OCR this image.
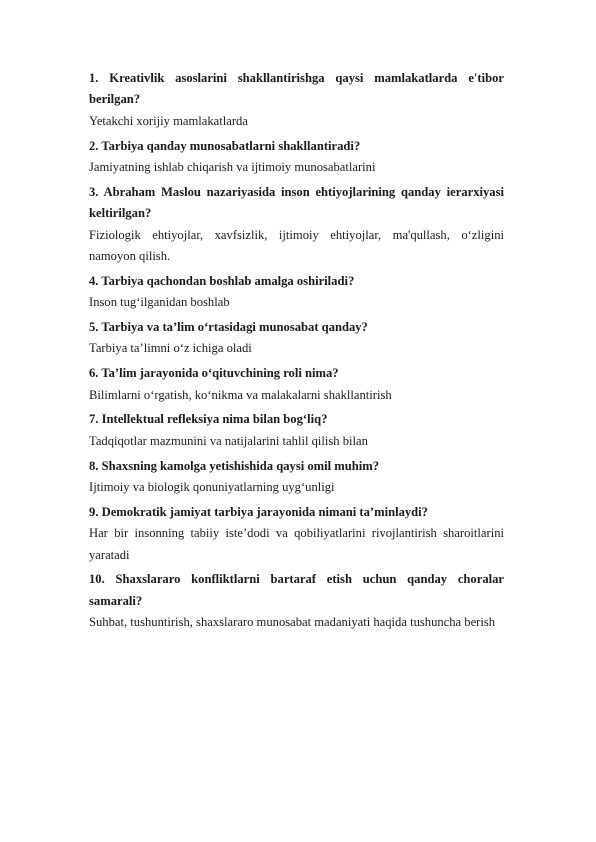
1. Kreativlik asoslarini shakllantirishga qaysi mamlakatlarda e'tibor berilgan?

Yetakchi xorijiy mamlakatlarda

2. Tarbiya qanday munosabatlarni shakllantiradi?

Jamiyatning ishlab chiqarish va ijtimoiy munosabatlarini

3. Abraham Maslou nazariyasida inson ehtiyojlarining qanday ierarxiyasi keltirilgan?

Fiziologik ehtiyojlar, xavfsizlik, ijtimoiy ehtiyojlar, ma'qullash, o‘zligini namoyon qilish.

4. Tarbiya qachondan boshlab amalga oshiriladi?

Inson tug‘ilganidan boshlab

5. Tarbiya va ta’lim o‘rtasidagi munosabat qanday?

Tarbiya ta’limni o‘z ichiga oladi

6. Ta’lim jarayonida o‘qituvchining roli nima?

Bilimlarni o‘rgatish, ko‘nikma va malakalarni shakllantirish

7. Intellektual refleksiya nima bilan bog‘liq?

Tadqiqotlar mazmunini va natijalarini tahlil qilish bilan

8. Shaxsning kamolga yetishishida qaysi omil muhim?

Ijtimoiy va biologik qonuniyatlarning uyg‘unligi

9. Demokratik jamiyat tarbiya jarayonida nimani ta’minlaydi?

Har bir insonning tabiiy iste’dodi va qobiliyatlarini rivojlantirish sharoitlarini yaratadi

10. Shaxslararo konfliktlarni bartaraf etish uchun qanday choralar samarali?

Suhbat, tushuntirish, shaxslararo munosabat madaniyati haqida tushuncha berish
